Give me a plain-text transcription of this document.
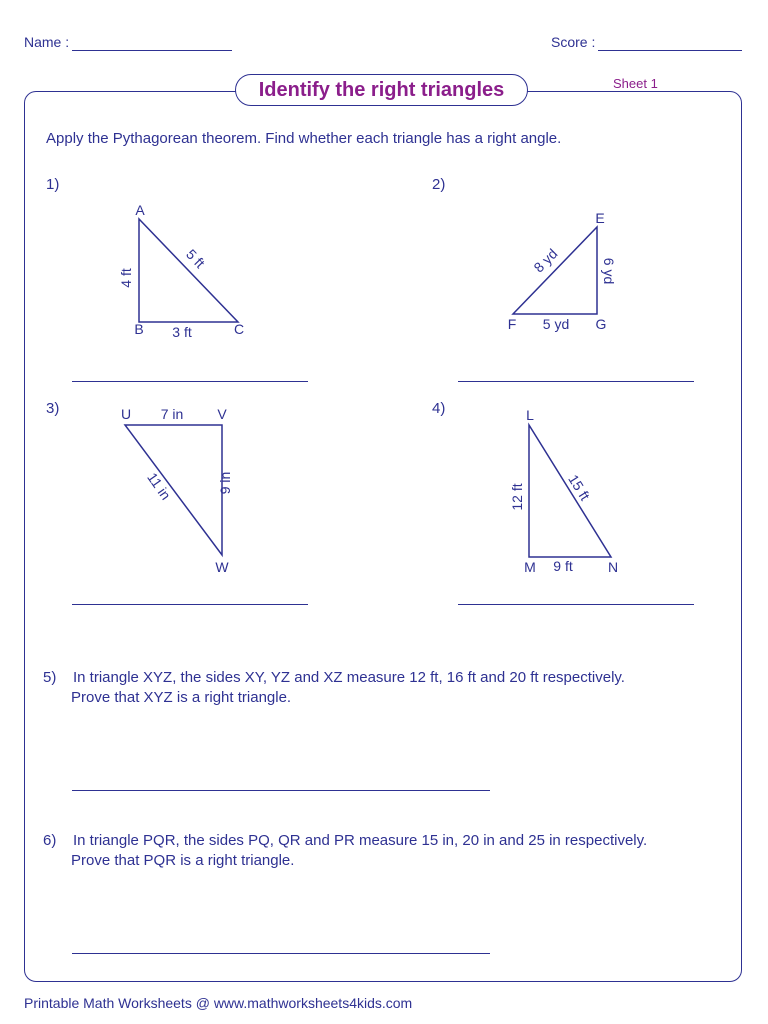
Name :	Score :
Identify the right triangles	Sheet 1
Apply the Pythagorean theorem. Find whether each triangle has a right angle.
1)	2)
3)	4)
A
B	C
4 ft
3 ft
5 ft
E
F	G
8 yd
5 yd
6 yd
U	V
W
7 in
9 in
11 in
L
M	N
12 ft
9 ft
15 ft
5) In triangle XYZ, the sides XY, YZ and XZ measure 12 ft, 16 ft and 20 ft respectively.
Prove that XYZ is a right triangle.
6) In triangle PQR, the sides PQ, QR and PR measure 15 in, 20 in and 25 in respectively.
Prove that PQR is a right triangle.
Printable Math Worksheets @ www.mathworksheets4kids.com
